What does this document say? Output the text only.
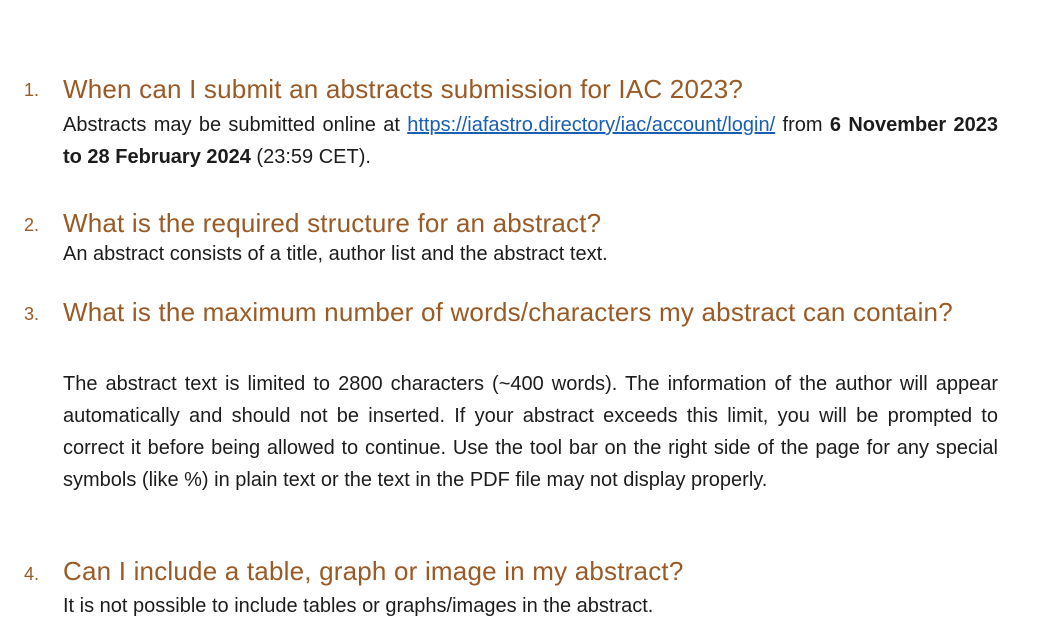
1. When can I submit an abstracts submission for IAC 2023?
Abstracts may be submitted online at https://iafastro.directory/iac/account/login/ from 6 November 2023 to 28 February 2024 (23:59 CET).
2. What is the required structure for an abstract?
An abstract consists of a title, author list and the abstract text.
3. What is the maximum number of words/characters my abstract can contain?
The abstract text is limited to 2800 characters (~400 words). The information of the author will appear automatically and should not be inserted. If your abstract exceeds this limit, you will be prompted to correct it before being allowed to continue. Use the tool bar on the right side of the page for any special symbols (like %) in plain text or the text in the PDF file may not display properly.
4. Can I include a table, graph or image in my abstract?
It is not possible to include tables or graphs/images in the abstract.
